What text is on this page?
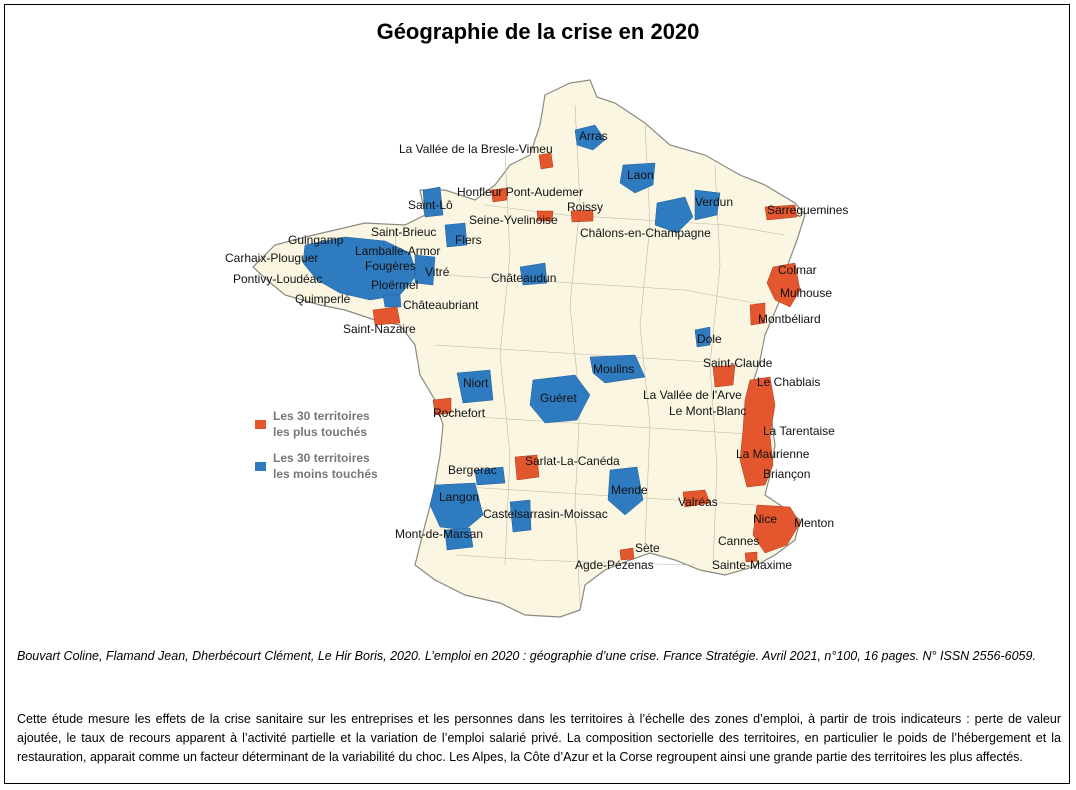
Géographie de la crise en 2020
Les 30 territoires
les plus touchés
Les 30 territoires
les moins touchés
La Vallée de la Bresle-Vimeu
Honfleur Pont-Audemer
Roissy
Seine-Yvelinoise
Sarreguemines
Colmar
Mulhouse
Montbéliard
Saint-Nazaire
Saint-Claude
Le Chablais
La Vallée de l'Arve
Le Mont-Blanc
La Tarentaise
La Maurienne
Briançon
Rochefort
Sarlat-La-Canéda
Valréas
Nice Menton
Cannes
Sainte-Maxime
Sète
Agde-Pézenas
Arras
Laon
Verdun
Saint-Lô
Flers
Saint-Brieuc
Guingamp
Lamballe-Armor
Carhaix-Plouguer
Fougères
Pontivy-Loudéac	Vitré
Ploërmel
Quimperlé	Châteaubriant
Châlons-en-Champagne
Châteaudun
Dole
Moulins
Niort
Guéret
Bergerac
Mende
Langon
Castelsarrasin-Moissac
Mont-de-Marsan
Bouvart Coline, Flamand Jean, Dherbécourt Clément, Le Hir Boris, 2020. L’emploi en 2020 : géographie d’une crise. France Stratégie. Avril 2021, n°100, 16 pages. N° ISSN 2556-6059.
Cette étude mesure les effets de la crise sanitaire sur les entreprises et les personnes dans les territoires à l’échelle des zones d’emploi, à partir de trois indicateurs : perte de valeur ajoutée, le taux de recours apparent à l’activité partielle et la variation de l’emploi salarié privé. La composition sectorielle des territoires, en particulier le poids de l’hébergement et la restauration, apparait comme un facteur déterminant de la variabilité du choc. Les Alpes, la Côte d’Azur et la Corse regroupent ainsi une grande partie des territoires les plus affectés.
